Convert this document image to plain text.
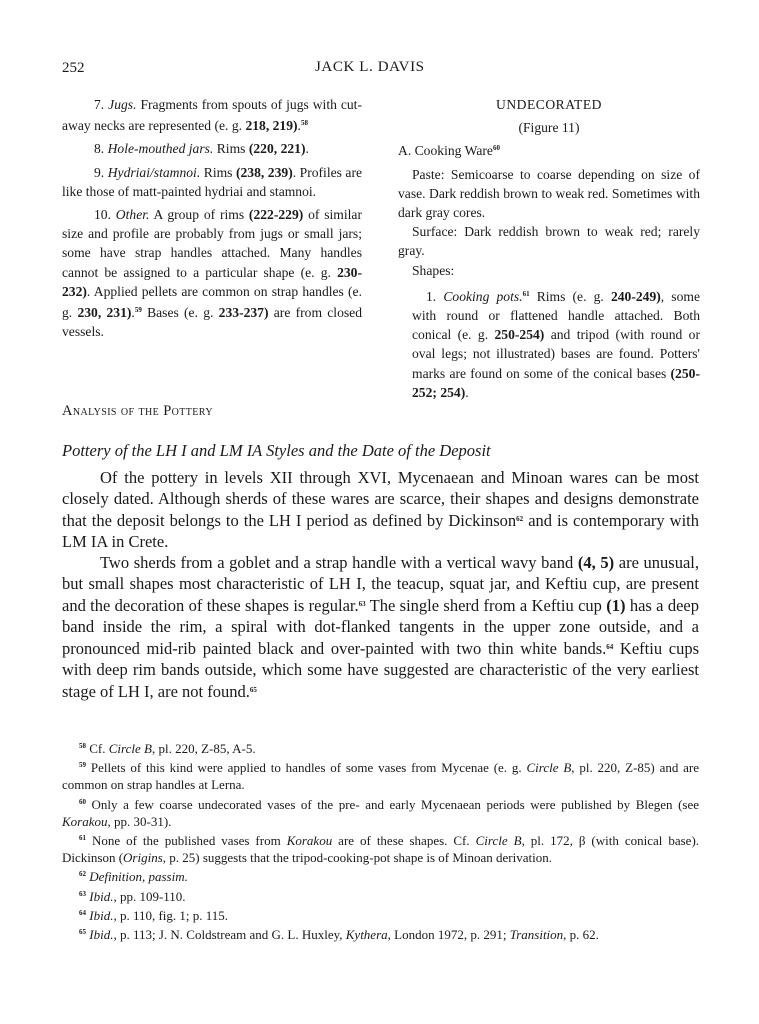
252	JACK L. DAVIS

7. Jugs. Fragments from spouts of jugs with cut-away necks are represented (e. g. 218, 219).$^{58}$

8. Hole-mouthed jars. Rims (220, 221).

9. Hydriai/stamnoi. Rims (238, 239). Profiles are like those of matt-painted hydriai and stamnoi.

10. Other. A group of rims (222-229) of similar size and profile are probably from jugs or small jars; some have strap handles attached. Many handles cannot be assigned to a particular shape (e. g. 230-232). Applied pellets are common on strap handles (e. g. 230, 231).$^{59}$ Bases (e. g. 233-237) are from closed vessels.

UNDECORATED

(Figure 11)

A. Cooking Ware$^{60}$

Paste: Semicoarse to coarse depending on size of vase. Dark reddish brown to weak red. Sometimes with dark gray cores.

Surface: Dark reddish brown to weak red; rarely gray.

Shapes:

1. Cooking pots.$^{61}$ Rims (e. g. 240-249), some with round or flattened handle attached. Both conical (e. g. 250-254) and tripod (with round or oval legs; not illustrated) bases are found. Potters' marks are found on some of the conical bases (250-252; 254).

Analysis of the Pottery
Pottery of the LH I and LM IA Styles and the Date of the Deposit

Of the pottery in levels XII through XVI, Mycenaean and Minoan wares can be most closely dated. Although sherds of these wares are scarce, their shapes and designs demonstrate that the deposit belongs to the LH I period as defined by Dickinson$^{62}$ and is contemporary with LM IA in Crete.

Two sherds from a goblet and a strap handle with a vertical wavy band (4, 5) are unusual, but small shapes most characteristic of LH I, the teacup, squat jar, and Keftiu cup, are present and the decoration of these shapes is regular.$^{63}$ The single sherd from a Keftiu cup (1) has a deep band inside the rim, a spiral with dot-flanked tangents in the upper zone outside, and a pronounced mid-rib painted black and over-painted with two thin white bands.$^{64}$ Keftiu cups with deep rim bands outside, which some have suggested are characteristic of the very earliest stage of LH I, are not found.$^{65}$

$^{58}$ Cf. Circle B, pl. 220, Z-85, A-5.

$^{59}$ Pellets of this kind were applied to handles of some vases from Mycenae (e. g. Circle B, pl. 220, Z-85) and are common on strap handles at Lerna.

$^{60}$ Only a few coarse undecorated vases of the pre- and early Mycenaean periods were published by Blegen (see Korakou, pp. 30-31).

$^{61}$ None of the published vases from Korakou are of these shapes. Cf. Circle B, pl. 172, β (with conical base). Dickinson (Origins, p. 25) suggests that the tripod-cooking-pot shape is of Minoan derivation.

$^{62}$ Definition, passim.

$^{63}$ Ibid., pp. 109-110.

$^{64}$ Ibid., p. 110, fig. 1; p. 115.

$^{65}$ Ibid., p. 113; J. N. Coldstream and G. L. Huxley, Kythera, London 1972, p. 291; Transition, p. 62.
